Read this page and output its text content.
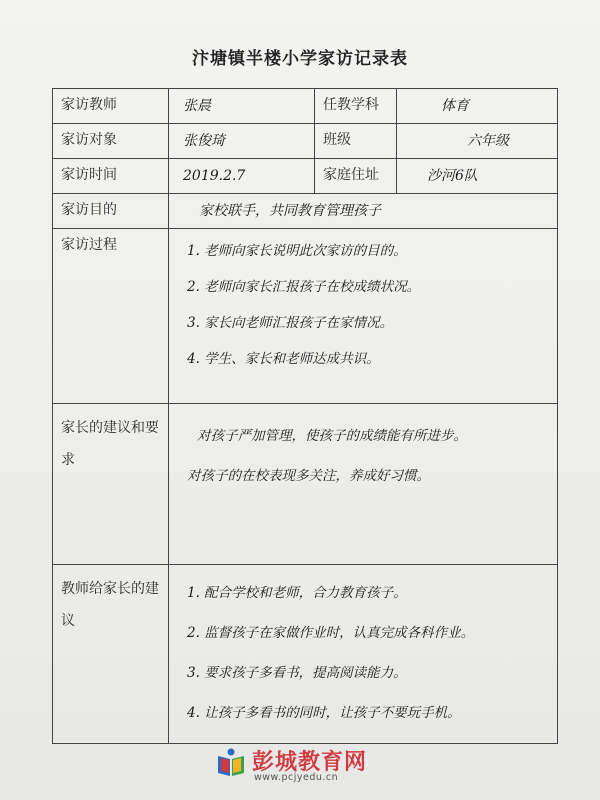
汴塘镇半楼小学家访记录表
家访教师	张晨	任教学科	体育

家访对象	张俊琦	班级	六年级

家访时间	2019.2.7	家庭住址	沙河6队

家访目的	家校联手，共同教育管理孩子		

家访过程	1. 老师向家长说明此次家访的目的。
2. 老师向家长汇报孩子在校成绩状况。
3. 家长向老师汇报孩子在家情况。
4. 学生、家长和老师达成共识。		

家长的建议和要求	对孩子严加管理，使孩子的成绩能有所进步。
对孩子的在校表现多关注，养成好习惯。		

教师给家长的建议	1. 配合学校和老师，合力教育孩子。
2. 监督孩子在家做作业时，认真完成各科作业。
3. 要求孩子多看书，提高阅读能力。
4. 让孩子多看书的同时，让孩子不要玩手机。		
彭城教育网
www.pcjyedu.cn
